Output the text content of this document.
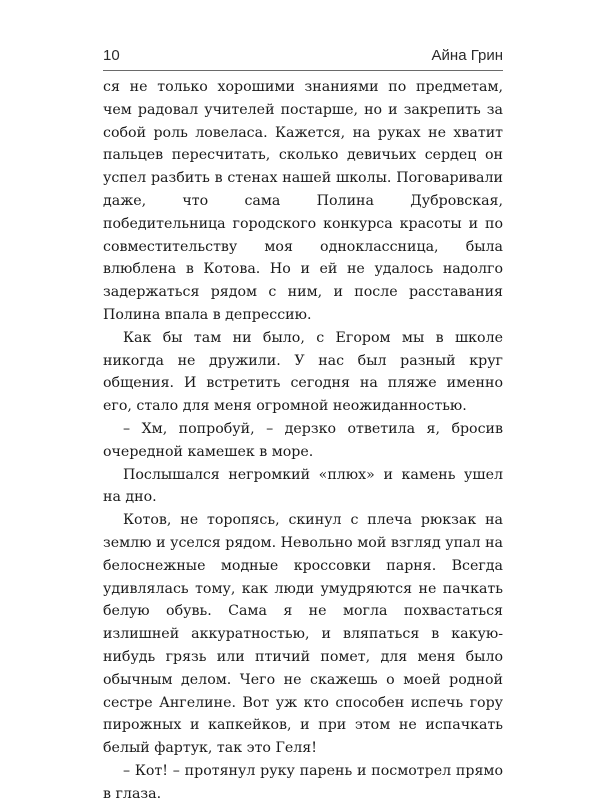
10	Айна Грин

ся не только хорошими знаниями по предметам, чем радовал учителей постарше, но и закрепить за собой роль ловеласа. Кажется, на руках не хватит пальцев пересчитать, сколько девичьих сердец он успел разбить в стенах нашей школы. Поговаривали даже, что сама Полина Дубровская, победительница городского конкурса красоты и по совместительству моя одноклассница, была влюблена в Котова. Но и ей не удалось надолго задержаться рядом с ним, и после расставания Полина впала в депрессию.

Как бы там ни было, с Егором мы в школе никогда не дружили. У нас был разный круг общения. И встретить сегодня на пляже именно его, стало для меня огромной неожиданностью.

– Хм, попробуй, – дерзко ответила я, бросив очередной камешек в море.

Послышался негромкий «плюх» и камень ушел на дно.

Котов, не торопясь, скинул с плеча рюкзак на землю и уселся рядом. Невольно мой взгляд упал на белоснежные модные кроссовки парня. Всегда удивлялась тому, как люди умудряются не пачкать белую обувь. Сама я не могла похвастаться излишней аккуратностью, и вляпаться в какую-нибудь грязь или птичий помет, для меня было обычным делом. Чего не скажешь о моей родной сестре Ангелине. Вот уж кто способен испечь гору пирожных и капкейков, и при этом не испачкать белый фартук, так это Геля!

– Кот! – протянул руку парень и посмотрел прямо в глаза.
